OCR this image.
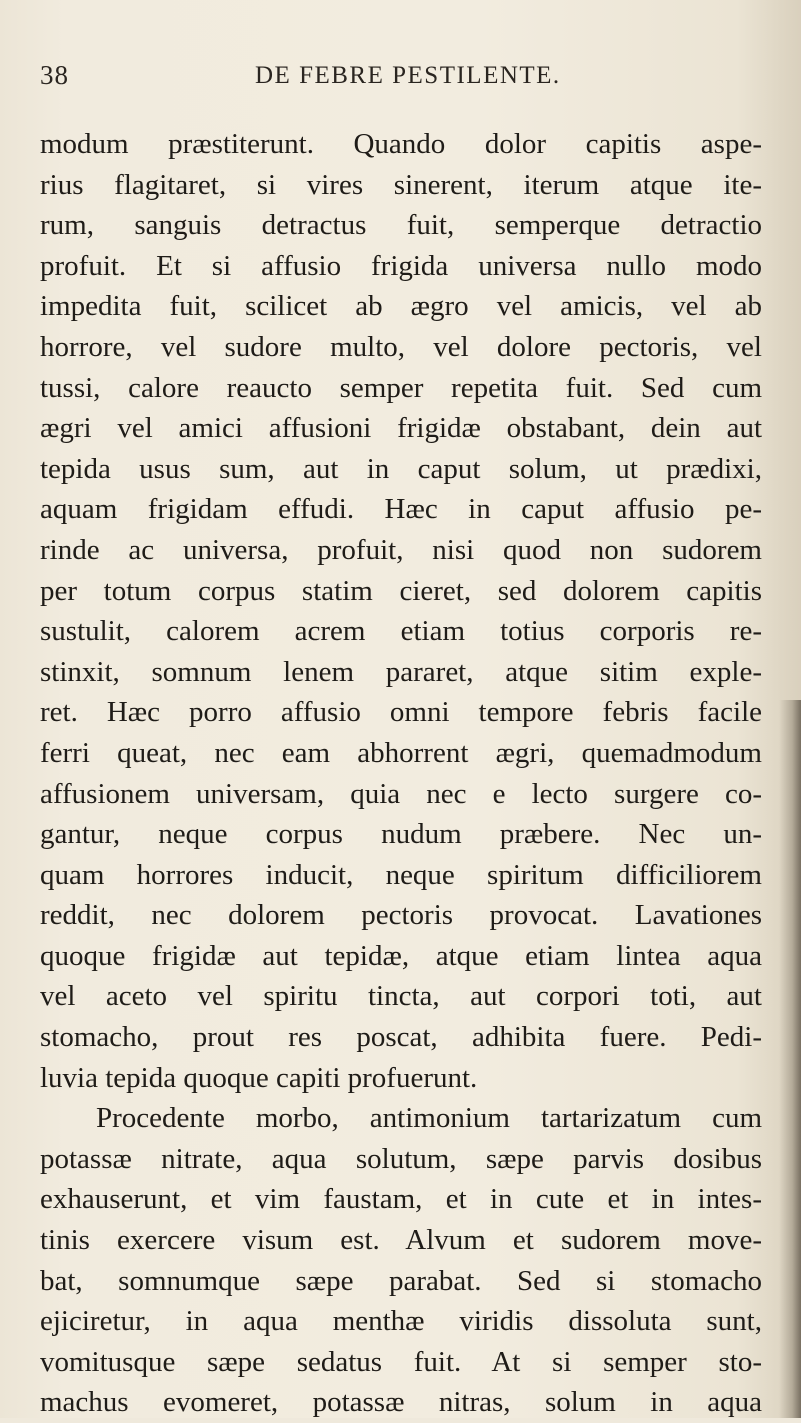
38	DE FEBRE PESTILENTE.
modum præstiterunt. Quando dolor capitis aspe-
rius flagitaret, si vires sinerent, iterum atque ite-
rum, sanguis detractus fuit, semperque detractio
profuit. Et si affusio frigida universa nullo modo
impedita fuit, scilicet ab ægro vel amicis, vel ab
horrore, vel sudore multo, vel dolore pectoris, vel
tussi, calore reaucto semper repetita fuit. Sed cum
ægri vel amici affusioni frigidæ obstabant, dein aut
tepida usus sum, aut in caput solum, ut prædixi,
aquam frigidam effudi. Hæc in caput affusio pe-
rinde ac universa, profuit, nisi quod non sudorem
per totum corpus statim cieret, sed dolorem capitis
sustulit, calorem acrem etiam totius corporis re-
stinxit, somnum lenem pararet, atque sitim exple-
ret. Hæc porro affusio omni tempore febris facile
ferri queat, nec eam abhorrent ægri, quemadmodum
affusionem universam, quia nec e lecto surgere co-
gantur, neque corpus nudum præbere. Nec un-
quam horrores inducit, neque spiritum difficiliorem
reddit, nec dolorem pectoris provocat. Lavationes
quoque frigidæ aut tepidæ, atque etiam lintea aqua
vel aceto vel spiritu tincta, aut corpori toti, aut
stomacho, prout res poscat, adhibita fuere. Pedi-
luvia tepida quoque capiti profuerunt.
Procedente morbo, antimonium tartarizatum cum
potassæ nitrate, aqua solutum, sæpe parvis dosibus
exhauserunt, et vim faustam, et in cute et in intes-
tinis exercere visum est. Alvum et sudorem move-
bat, somnumque sæpe parabat. Sed si stomacho
ejiciretur, in aqua menthæ viridis dissoluta sunt,
vomitusque sæpe sedatus fuit. At si semper sto-
machus evomeret, potassæ nitras, solum in aqua
